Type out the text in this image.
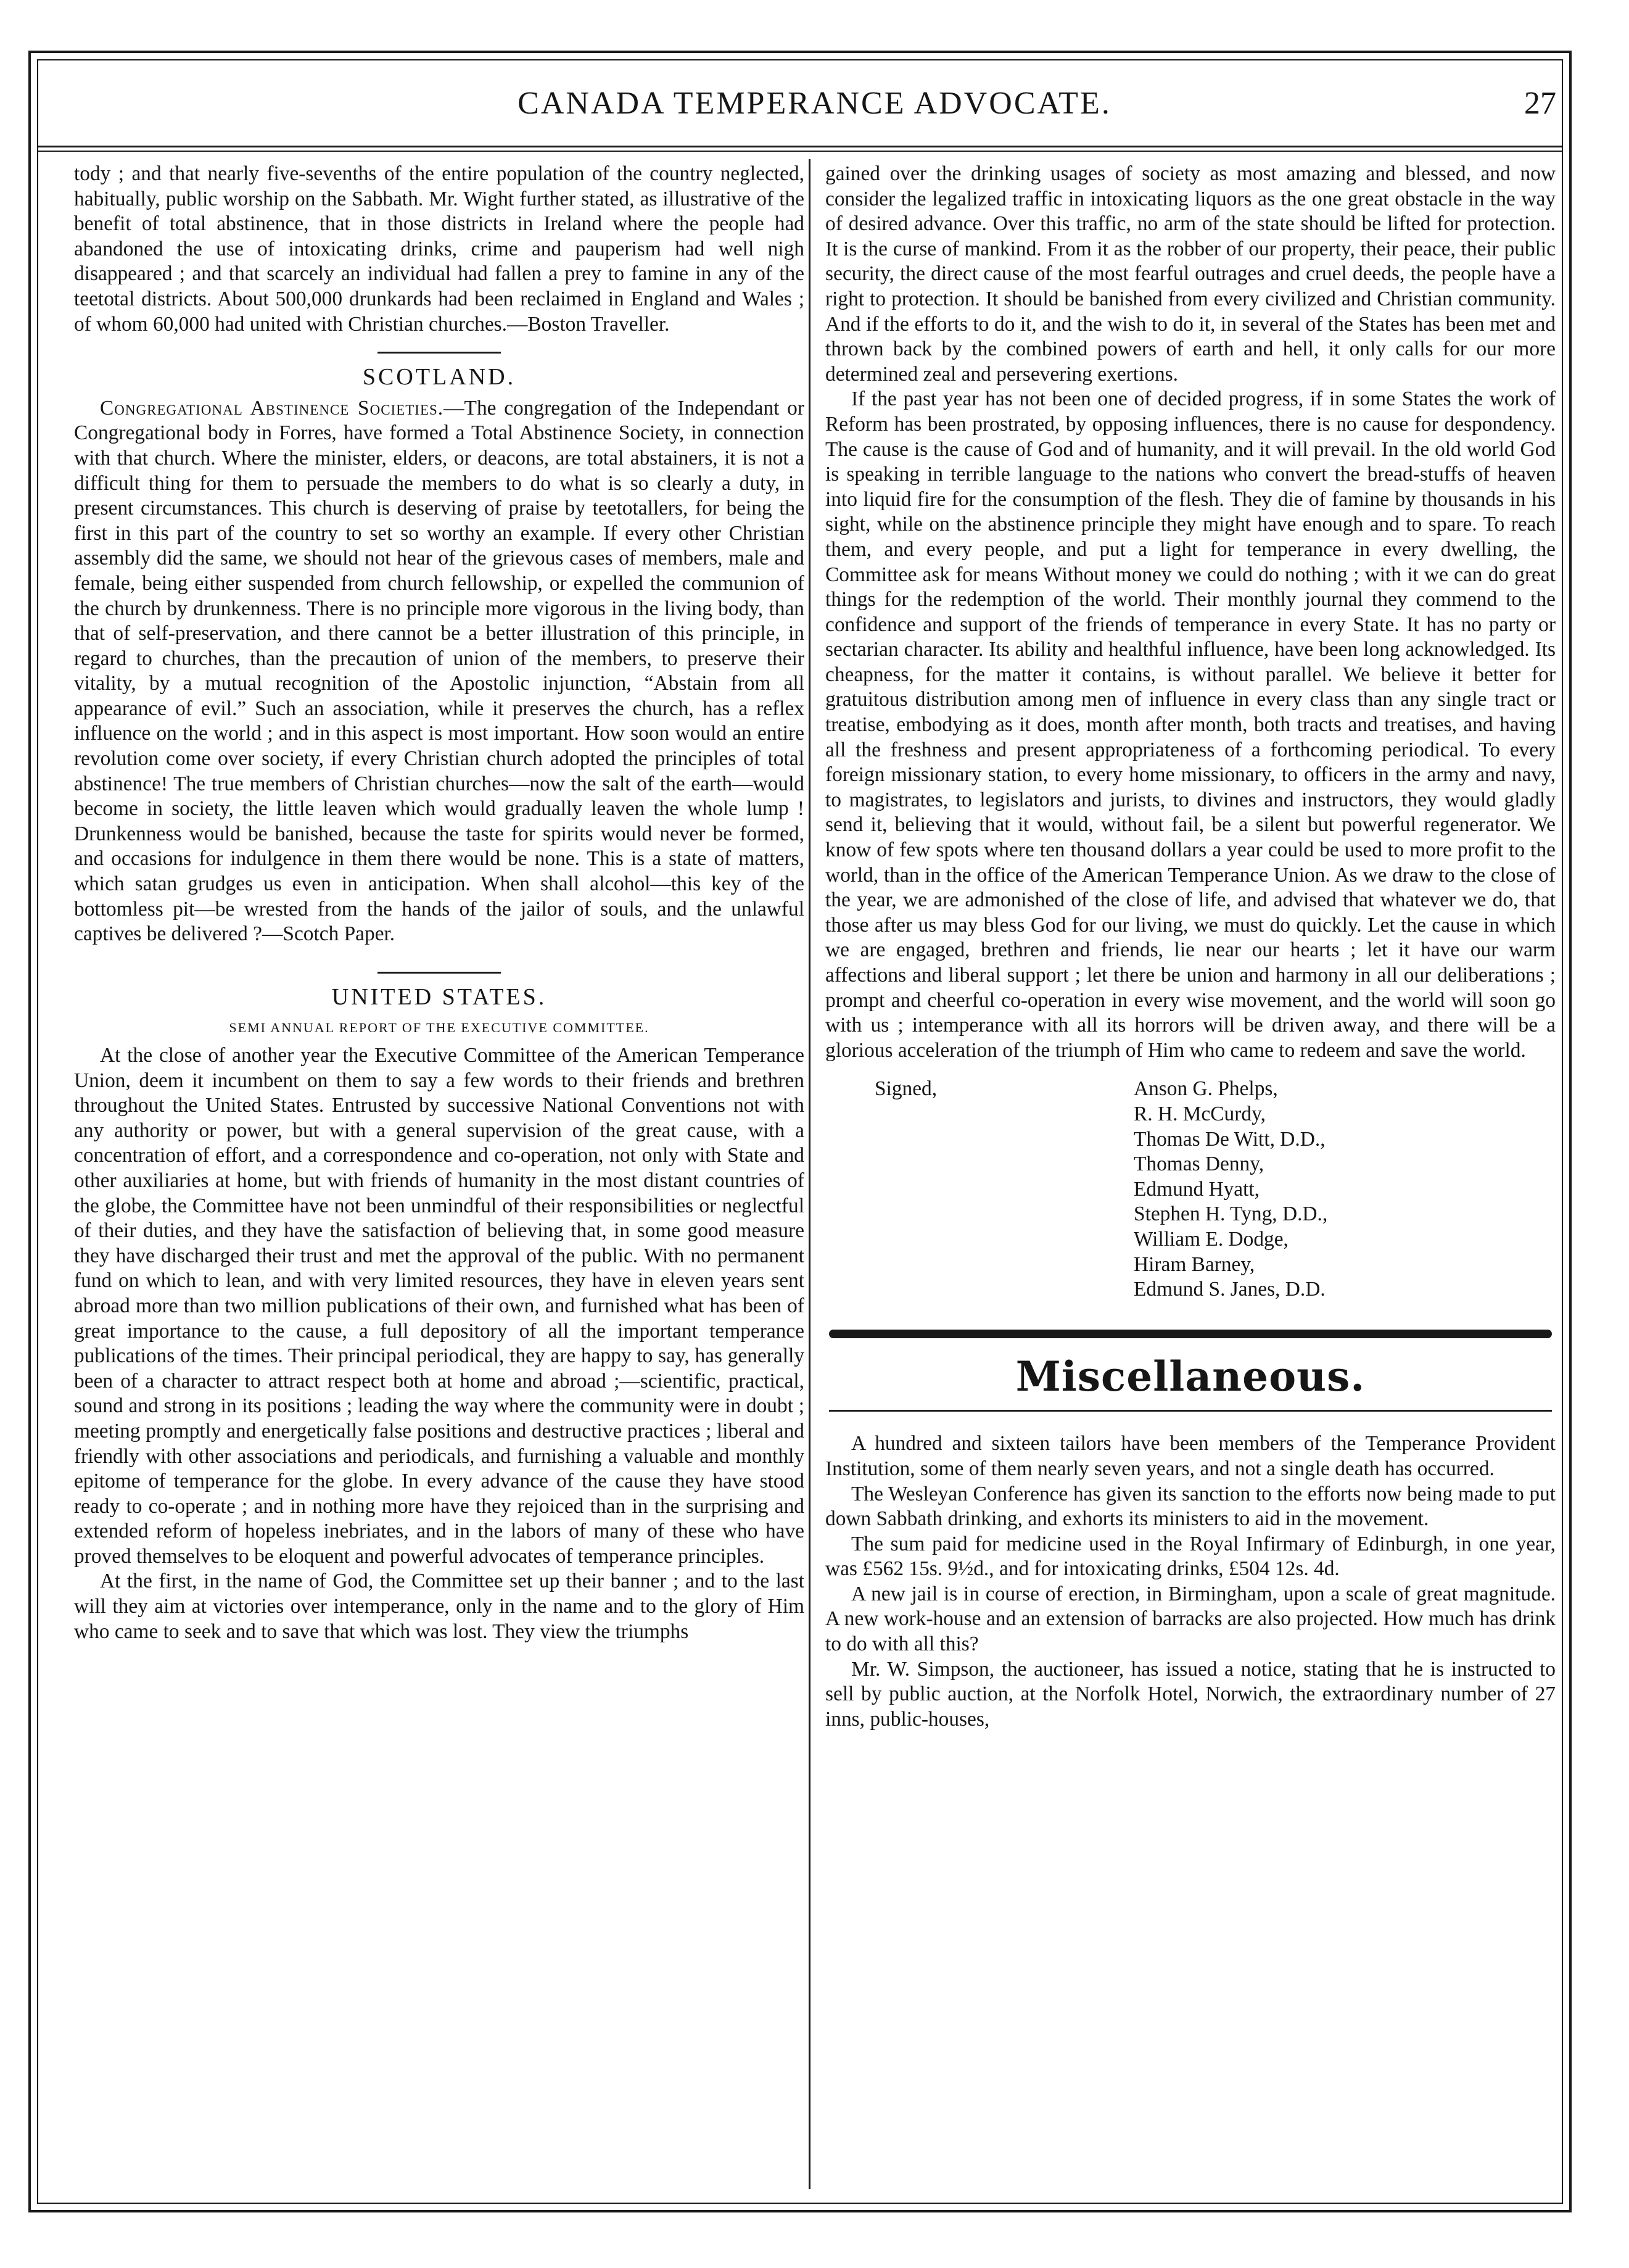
CANADA TEMPERANCE ADVOCATE.	27

tody ; and that nearly five-sevenths of the entire population of the country neglected, habitually, public worship on the Sabbath. Mr. Wight further stated, as illustrative of the benefit of total abstinence, that in those districts in Ireland where the people had abandoned the use of intoxicating drinks, crime and pauperism had well nigh disappeared ; and that scarcely an individual had fallen a prey to famine in any of the teetotal districts. About 500,000 drunkards had been reclaimed in England and Wales ; of whom 60,000 had united with Christian churches.—Boston Traveller.

SCOTLAND.

Congregational Abstinence Societies.—The congregation of the Independant or Congregational body in Forres, have formed a Total Abstinence Society, in connection with that church. Where the minister, elders, or deacons, are total abstainers, it is not a difficult thing for them to persuade the members to do what is so clearly a duty, in present circumstances. This church is deserving of praise by teetotallers, for being the first in this part of the country to set so worthy an example. If every other Christian assembly did the same, we should not hear of the grievous cases of members, male and female, being either suspended from church fellowship, or expelled the communion of the church by drunkenness. There is no principle more vigorous in the living body, than that of self-preservation, and there cannot be a better illustration of this principle, in regard to churches, than the precaution of union of the members, to preserve their vitality, by a mutual recognition of the Apostolic injunction, “Abstain from all appearance of evil.” Such an association, while it preserves the church, has a reflex influence on the world ; and in this aspect is most important. How soon would an entire revolution come over society, if every Christian church adopted the principles of total abstinence! The true members of Christian churches—now the salt of the earth—would become in society, the little leaven which would gradually leaven the whole lump ! Drunkenness would be banished, because the taste for spirits would never be formed, and occasions for indulgence in them there would be none. This is a state of matters, which satan grudges us even in anticipation. When shall alcohol—this key of the bottomless pit—be wrested from the hands of the jailor of souls, and the unlawful captives be delivered ?—Scotch Paper.

UNITED STATES.
SEMI ANNUAL REPORT OF THE EXECUTIVE COMMITTEE.

At the close of another year the Executive Committee of the American Temperance Union, deem it incumbent on them to say a few words to their friends and brethren throughout the United States. Entrusted by successive National Conventions not with any authority or power, but with a general supervision of the great cause, with a concentration of effort, and a correspondence and co-operation, not only with State and other auxiliaries at home, but with friends of humanity in the most distant countries of the globe, the Committee have not been unmindful of their responsibilities or neglectful of their duties, and they have the satisfaction of believing that, in some good measure they have discharged their trust and met the approval of the public. With no permanent fund on which to lean, and with very limited resources, they have in eleven years sent abroad more than two million publications of their own, and furnished what has been of great importance to the cause, a full depository of all the important temperance publications of the times. Their principal periodical, they are happy to say, has generally been of a character to attract respect both at home and abroad ;—scientific, practical, sound and strong in its positions ; leading the way where the community were in doubt ; meeting promptly and energetically false positions and destructive practices ; liberal and friendly with other associations and periodicals, and furnishing a valuable and monthly epitome of temperance for the globe. In every advance of the cause they have stood ready to co-operate ; and in nothing more have they rejoiced than in the surprising and extended reform of hopeless inebriates, and in the labors of many of these who have proved themselves to be eloquent and powerful advocates of temperance principles.

At the first, in the name of God, the Committee set up their banner ; and to the last will they aim at victories over intemperance, only in the name and to the glory of Him who came to seek and to save that which was lost. They view the triumphs

gained over the drinking usages of society as most amazing and blessed, and now consider the legalized traffic in intoxicating liquors as the one great obstacle in the way of desired advance. Over this traffic, no arm of the state should be lifted for protection. It is the curse of mankind. From it as the robber of our property, their peace, their public security, the direct cause of the most fearful outrages and cruel deeds, the people have a right to protection. It should be banished from every civilized and Christian community. And if the efforts to do it, and the wish to do it, in several of the States has been met and thrown back by the combined powers of earth and hell, it only calls for our more determined zeal and persevering exertions.

If the past year has not been one of decided progress, if in some States the work of Reform has been prostrated, by opposing influences, there is no cause for despondency. The cause is the cause of God and of humanity, and it will prevail. In the old world God is speaking in terrible language to the nations who convert the bread-stuffs of heaven into liquid fire for the consumption of the flesh. They die of famine by thousands in his sight, while on the abstinence principle they might have enough and to spare. To reach them, and every people, and put a light for temperance in every dwelling, the Committee ask for means Without money we could do nothing ; with it we can do great things for the redemption of the world. Their monthly journal they commend to the confidence and support of the friends of temperance in every State. It has no party or sectarian character. Its ability and healthful influence, have been long acknowledged. Its cheapness, for the matter it contains, is without parallel. We believe it better for gratuitous distribution among men of influence in every class than any single tract or treatise, embodying as it does, month after month, both tracts and treatises, and having all the freshness and present appropriateness of a forthcoming periodical. To every foreign missionary station, to every home missionary, to officers in the army and navy, to magistrates, to legislators and jurists, to divines and instructors, they would gladly send it, believing that it would, without fail, be a silent but powerful regenerator. We know of few spots where ten thousand dollars a year could be used to more profit to the world, than in the office of the American Temperance Union. As we draw to the close of the year, we are admonished of the close of life, and advised that whatever we do, that those after us may bless God for our living, we must do quickly. Let the cause in which we are engaged, brethren and friends, lie near our hearts ; let it have our warm affections and liberal support ; let there be union and harmony in all our deliberations ; prompt and cheerful co-operation in every wise movement, and the world will soon go with us ; intemperance with all its horrors will be driven away, and there will be a glorious acceleration of the triumph of Him who came to redeem and save the world.

Signed,	Anson G. Phelps,
R. H. McCurdy,
Thomas De Witt, D.D.,
Thomas Denny,
Edmund Hyatt,
Stephen H. Tyng, D.D.,
William E. Dodge,
Hiram Barney,
Edmund S. Janes, D.D.
Miscellaneous.

A hundred and sixteen tailors have been members of the Temperance Provident Institution, some of them nearly seven years, and not a single death has occurred.

The Wesleyan Conference has given its sanction to the efforts now being made to put down Sabbath drinking, and exhorts its ministers to aid in the movement.

The sum paid for medicine used in the Royal Infirmary of Edinburgh, in one year, was £562 15s. 9½d., and for intoxicating drinks, £504 12s. 4d.

A new jail is in course of erection, in Birmingham, upon a scale of great magnitude. A new work-house and an extension of barracks are also projected. How much has drink to do with all this?

Mr. W. Simpson, the auctioneer, has issued a notice, stating that he is instructed to sell by public auction, at the Norfolk Hotel, Norwich, the extraordinary number of 27 inns, public-houses,
